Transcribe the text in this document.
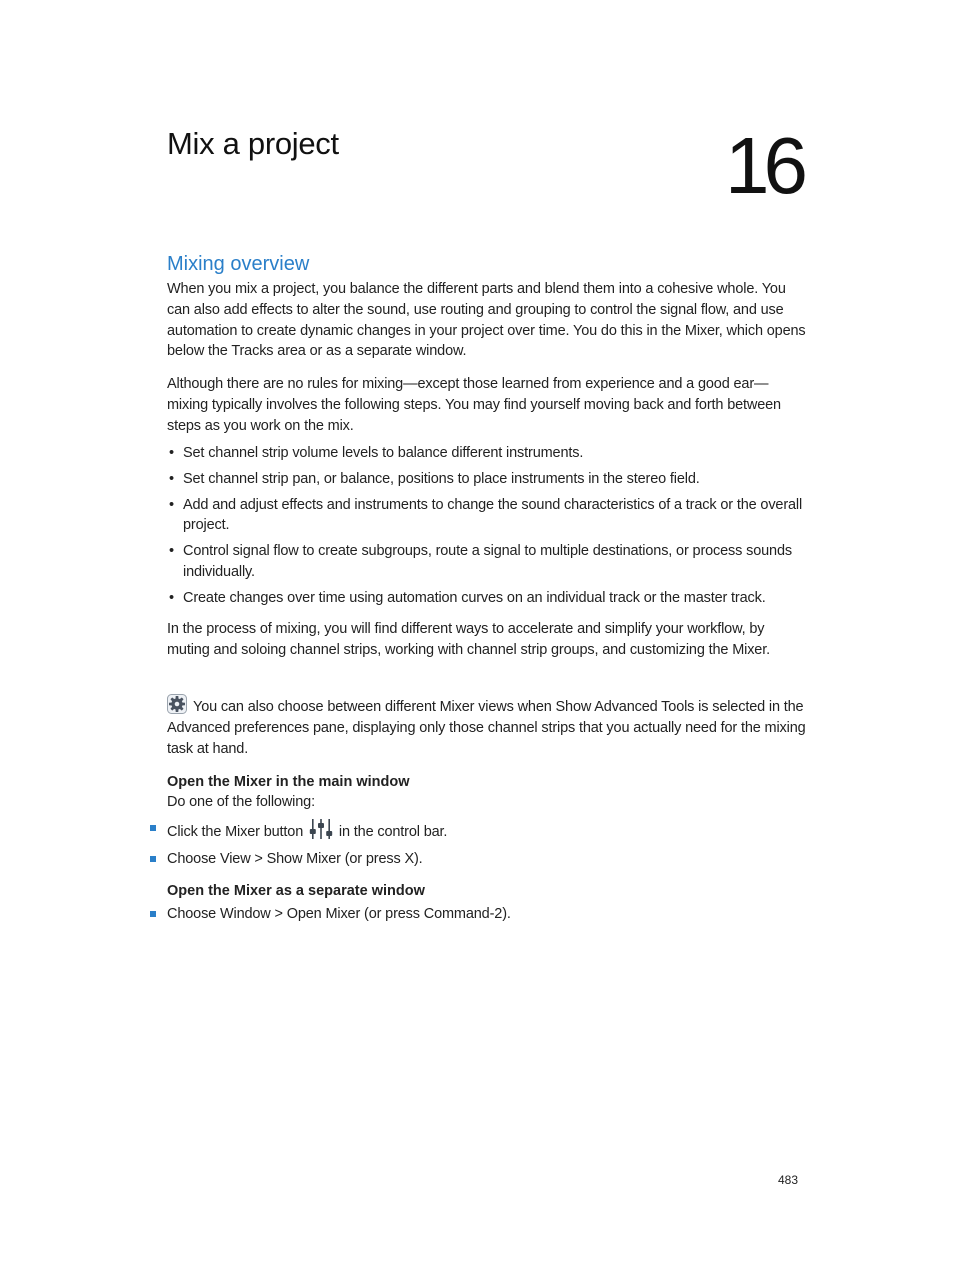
Mix a project	16
Mixing overview

When you mix a project, you balance the different parts and blend them into a cohesive whole. You can also add effects to alter the sound, use routing and grouping to control the signal flow, and use automation to create dynamic changes in your project over time. You do this in the Mixer, which opens below the Tracks area or as a separate window.

Although there are no rules for mixing—except those learned from experience and a good ear—mixing typically involves the following steps. You may find yourself moving back and forth between steps as you work on the mix.

• Set channel strip volume levels to balance different instruments.
• Set channel strip pan, or balance, positions to place instruments in the stereo field.
• Add and adjust effects and instruments to change the sound characteristics of a track or the overall project.
• Control signal flow to create subgroups, route a signal to multiple destinations, or process sounds individually.
• Create changes over time using automation curves on an individual track or the master track.

In the process of mixing, you will find different ways to accelerate and simplify your workflow, by muting and soloing channel strips, working with channel strip groups, and customizing the Mixer.

You can also choose between different Mixer views when Show Advanced Tools is selected in the Advanced preferences pane, displaying only those channel strips that you actually need for the mixing task at hand.

Open the Mixer in the main window

Do one of the following:

Click the Mixer button in the control bar.
Choose View > Show Mixer (or press X).
Open the Mixer as a separate window
Choose Window > Open Mixer (or press Command-2).
483
